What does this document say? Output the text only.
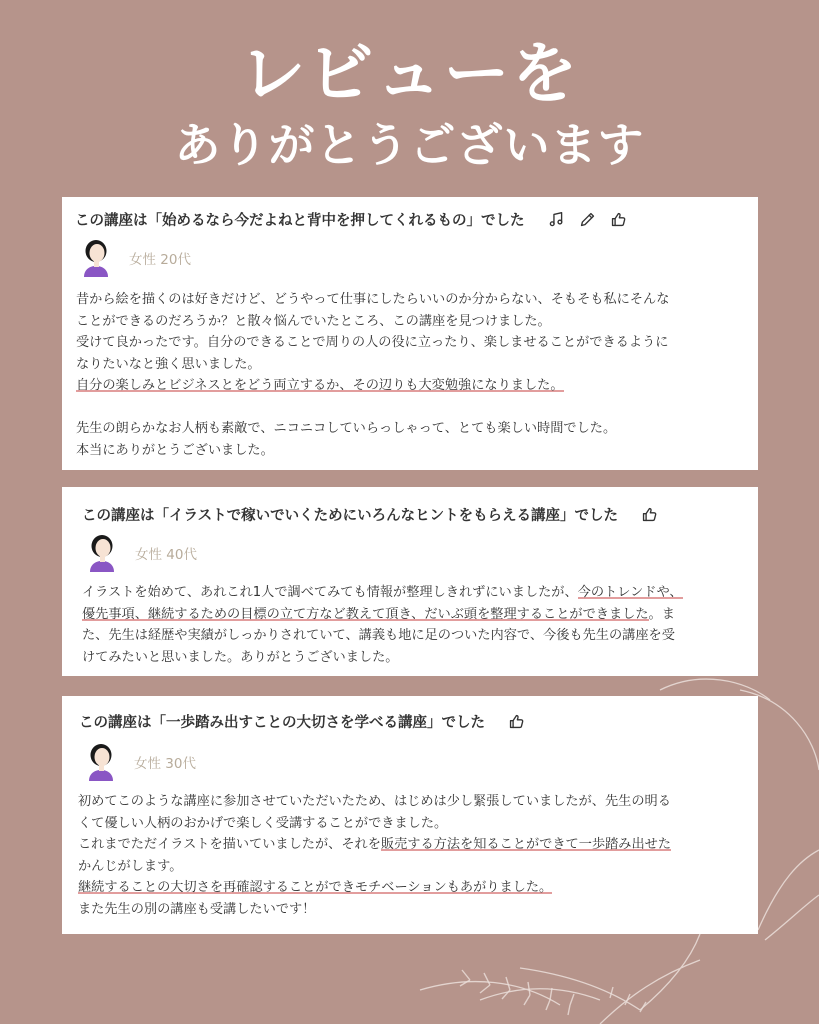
レビューを
ありがとうございます
この講座は「始めるなら今だよねと背中を押してくれるもの」でした
女性 20代
昔から絵を描くのは好きだけど、どうやって仕事にしたらいいのか分からない、そもそも私にそんな
ことができるのだろうか？と散々悩んでいたところ、この講座を見つけました。
受けて良かったです。自分のできることで周りの人の役に立ったり、楽しませることができるように
なりたいなと強く思いました。
自分の楽しみとビジネスとをどう両立するか、その辺りも大変勉強になりました。
先生の朗らかなお人柄も素敵で、ニコニコしていらっしゃって、とても楽しい時間でした。
本当にありがとうございました。
この講座は「イラストで稼いでいくためにいろんなヒントをもらえる講座」でした
女性 40代
イラストを始めて、あれこれ1人で調べてみても情報が整理しきれずにいましたが、今のトレンドや、
優先事項、継続するための目標の立て方など教えて頂き、だいぶ頭を整理することができました。ま
た、先生は経歴や実績がしっかりされていて、講義も地に足のついた内容で、今後も先生の講座を受
けてみたいと思いました。ありがとうございました。
この講座は「一歩踏み出すことの大切さを学べる講座」でした
女性 30代
初めてこのような講座に参加させていただいたため、はじめは少し緊張していましたが、先生の明る
くて優しい人柄のおかげで楽しく受講することができました。
これまでただイラストを描いていましたが、それを販売する方法を知ることができて一歩踏み出せた
かんじがします。
継続することの大切さを再確認することができモチベーションもあがりました。
また先生の別の講座も受講したいです！
